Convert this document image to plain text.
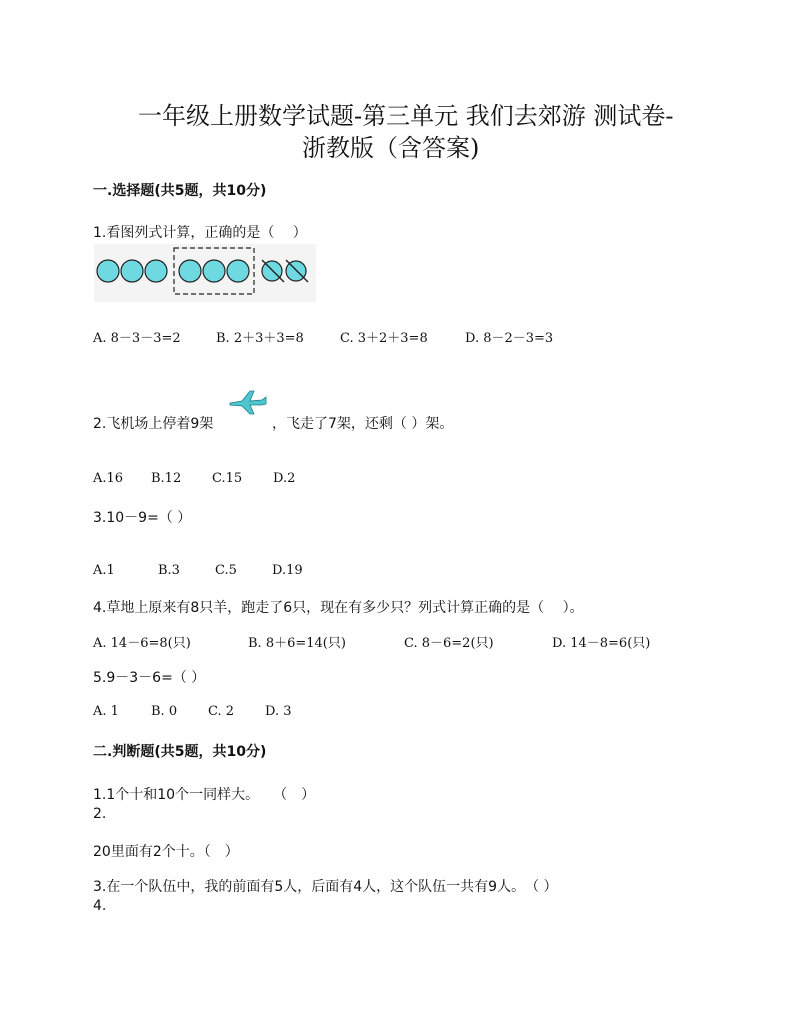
一年级上册数学试题-第三单元 我们去郊游 测试卷-
浙教版（含答案)
一.选择题(共5题，共10分)
1.看图列式计算，正确的是（　 ）
A. 8－3－3=2	B. 2＋3＋3=8	C. 3＋2＋3=8	D. 8－2－3=3
2.飞机场上停着9架	，飞走了7架，还剩（ ）架。
A.16 B.12 C.15 D.2
3.10－9=（ ）
A.1	B.3	C.5	D.19
4.草地上原来有8只羊，跑走了6只，现在有多少只？列式计算正确的是（　 ）。
A. 14－6=8(只)	B. 8＋6=14(只)	C. 8－6=2(只)	D. 14－8=6(只)
5.9－3－6=（ ）
A. 1 B. 0 C. 2 D. 3
二.判断题(共5题，共10分)
1.1个十和10个一同样大。　　（　）
2.
20里面有2个十。（　）
3.在一个队伍中，我的前面有5人，后面有4人，这个队伍一共有9人。　（ ）
4.
